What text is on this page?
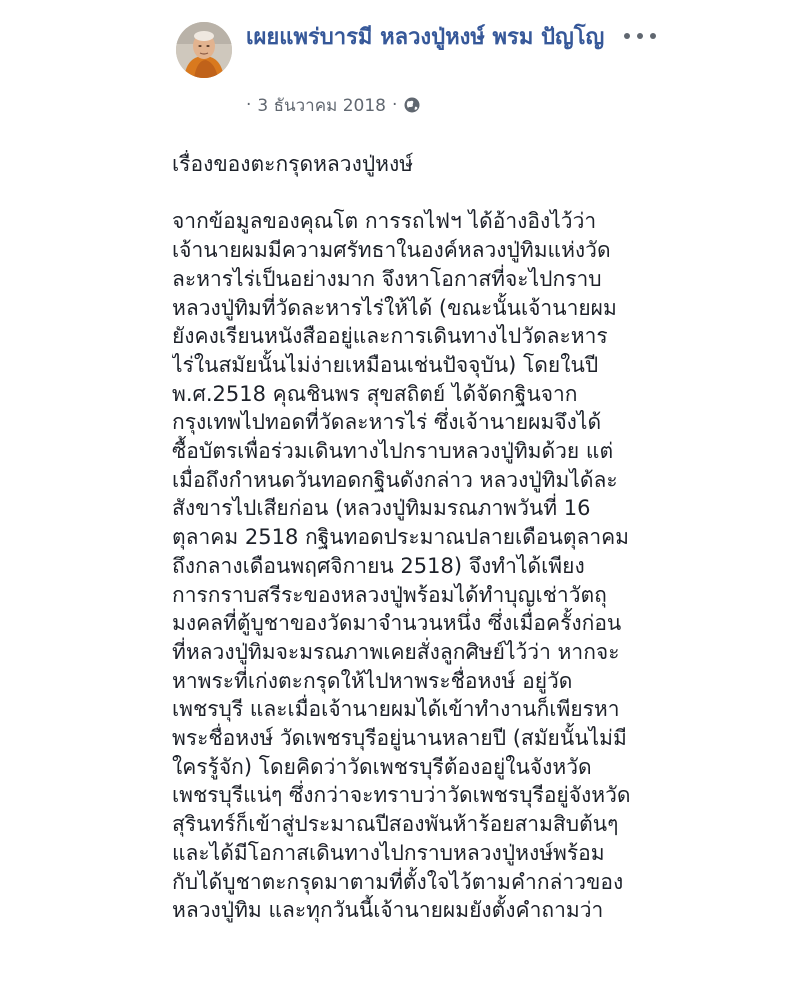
เผยแพร่บารมี หลวงปู่หงษ์ พรม ปัญโญ
· 3 ธันวาคม 2018 ·

เรื่องของตะกรุดหลวงปู่หงษ์

จากข้อมูลของคุณโต การรถไฟฯ ได้อ้างอิงไว้ว่า
เจ้านายผมมีความศรัทธาในองค์หลวงปู่ทิมแห่งวัด
ละหารไร่เป็นอย่างมาก จึงหาโอกาสที่จะไปกราบ
หลวงปู่ทิมที่วัดละหารไร่ให้ได้ (ขณะนั้นเจ้านายผม
ยังคงเรียนหนังสืออยู่และการเดินทางไปวัดละหาร
ไร่ในสมัยนั้นไม่ง่ายเหมือนเช่นปัจจุบัน) โดยในปี
พ.ศ.2518 คุณชินพร สุขสถิตย์ ได้จัดกฐินจาก
กรุงเทพไปทอดที่วัดละหารไร่ ซึ่งเจ้านายผมจึงได้
ซื้อบัตรเพื่อร่วมเดินทางไปกราบหลวงปู่ทิมด้วย แต่
เมื่อถึงกำหนดวันทอดกฐินดังกล่าว หลวงปู่ทิมได้ละ
สังขารไปเสียก่อน (หลวงปู่ทิมมรณภาพวันที่ 16
ตุลาคม 2518 กฐินทอดประมาณปลายเดือนตุลาคม
ถึงกลางเดือนพฤศจิกายน 2518) จึงทำได้เพียง
การกราบสรีระของหลวงปู่พร้อมได้ทำบุญเช่าวัตถุ
มงคลที่ตู้บูชาของวัดมาจำนวนหนึ่ง ซึ่งเมื่อครั้งก่อน
ที่หลวงปู่ทิมจะมรณภาพเคยสั่งลูกศิษย์ไว้ว่า หากจะ
หาพระที่เก่งตะกรุดให้ไปหาพระชื่อหงษ์ อยู่วัด
เพชรบุรี และเมื่อเจ้านายผมได้เข้าทำงานก็เพียรหา
พระชื่อหงษ์ วัดเพชรบุรีอยู่นานหลายปี (สมัยนั้นไม่มี
ใครรู้จัก) โดยคิดว่าวัดเพชรบุรีต้องอยู่ในจังหวัด
เพชรบุรีแน่ๆ ซึ่งกว่าจะทราบว่าวัดเพชรบุรีอยู่จังหวัด
สุรินทร์ก็เข้าสู่ประมาณปีสองพันห้าร้อยสามสิบต้นๆ
และได้มีโอกาสเดินทางไปกราบหลวงปู่หงษ์พร้อม
กับได้บูชาตะกรุดมาตามที่ตั้งใจไว้ตามคำกล่าวของ
หลวงปู่ทิม และทุกวันนี้เจ้านายผมยังตั้งคำถามว่า
